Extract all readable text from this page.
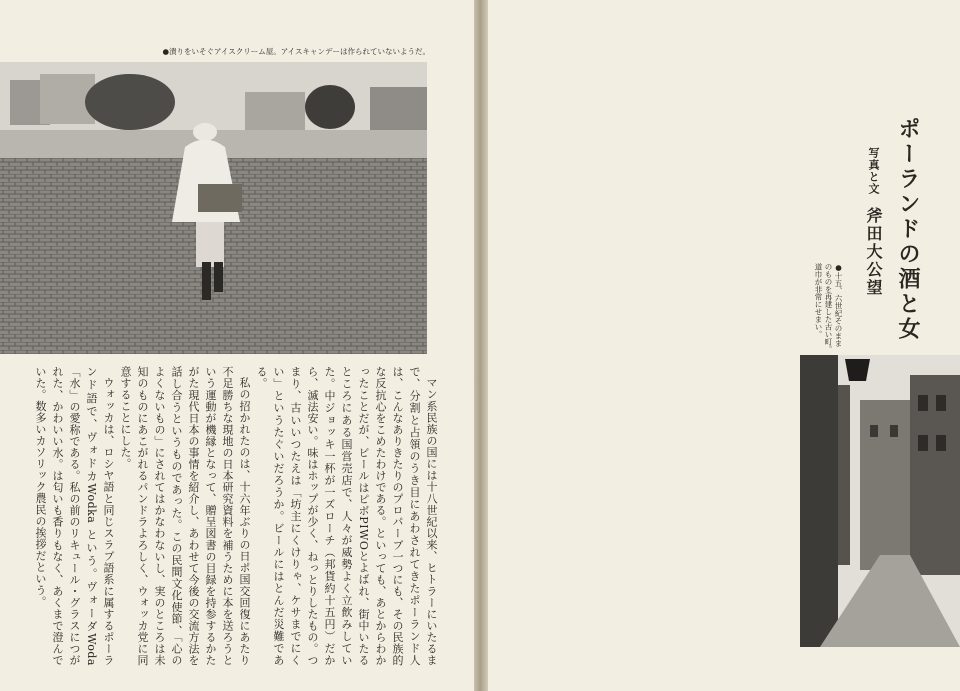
●潰りをいそぐアイスクリーム屋。アイスキャンデーは作られていないようだ。

マン系民族の国には十八世紀以来、ヒトラーにいたるまで、分割と占領のうき目にあわされてきたポーランド人は、こんなありきたりのプロパーブ一つにも、その民族的な反抗心をこめたわけである。といっても、あとからわかったことだが、ビールはピボPIWOとよばれ、街中いたるところにある国営売店で、人々が威勢よく立飲みしていた。中ジョッキ一杯が一ズローチ（邦貨約十五円）だから、滅法安い。味はホップが少く、ねっとりしたもの。つまり、古いいつたえは「坊主にくけりゃ、ケサまでにくい」というたぐいだろうか。ビールにはとんだ災難である。

私の招かれたのは、十六年ぶりの日ポ国交回復にあたり不足勝ちな現地の日本研究資料を補うために本を送ろうという運動が機縁となって、贈呈図書の目録を持参するかたがた現代日本の事情を紹介し、あわせて今後の交流方法を話し合うというものであった。この民間文化使節、「心のよくないもの」にされてはかなわないし、実のところは未知のものにあこがれるパンドラよろしく、ウォッカ党に同意することにした。

ウォッカは、ロシヤ語と同じスラブ語系に属するポーランド語で、ヴォドカWodka という。ヴォーダWoda「水」の愛称である。私の前のリキュール・グラスにつがれた、かわいい水。は匂いも香りもなく、あくまで澄んでいた。数多いカソリック農民の挨拶だという。

ポーランドの酒と女
写真と文 斧田大公望
●十五、六世紀そのままのものを再建した古い町。道巾が非常にせまい。
